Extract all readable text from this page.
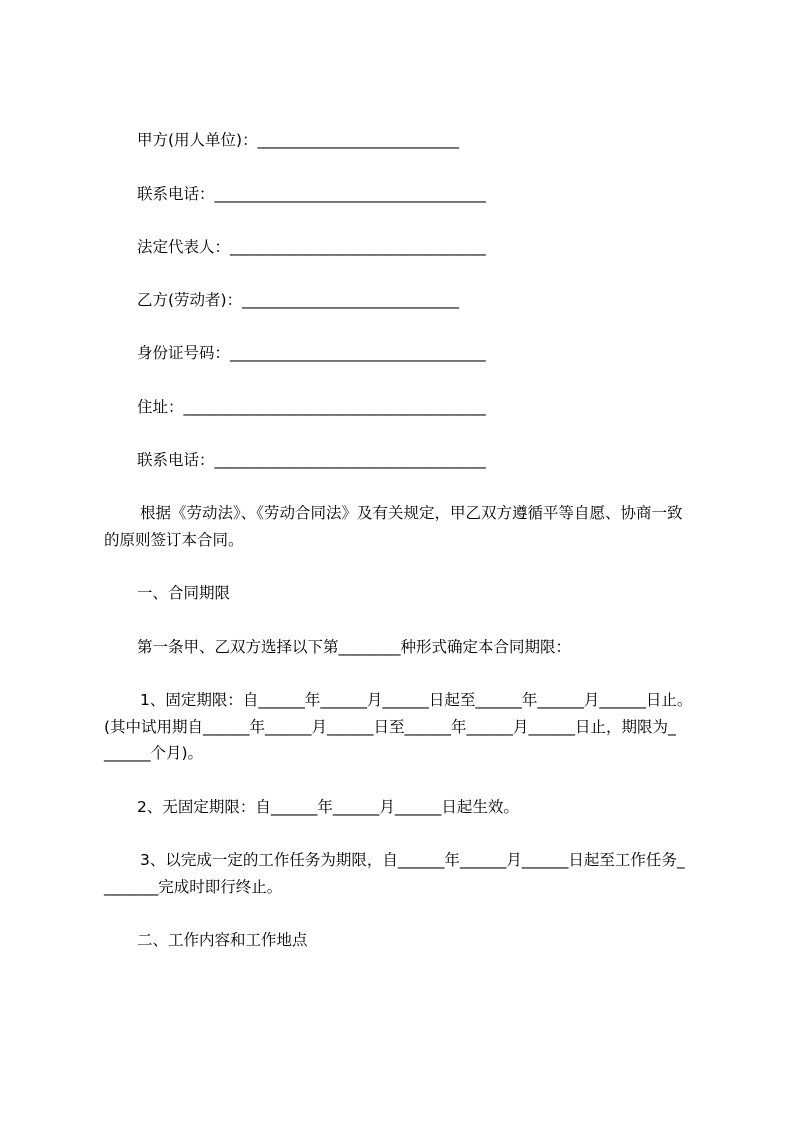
甲方(用人单位)：__________________________

联系电话：___________________________________

法定代表人：_________________________________

乙方(劳动者)：____________________________

身份证号码：_________________________________

住址：_______________________________________

联系电话：___________________________________

根据《劳动法》、《劳动合同法》及有关规定，甲乙双方遵循平等自愿、协商一致

的原则签订本合同。

一、合同期限

第一条甲、乙双方选择以下第________种形式确定本合同期限：

1、固定期限：自______年______月______日起至______年______月______日止。

(其中试用期自______年______月______日至______年______月______日止，期限为_

______个月)。

2、无固定期限：自______年______月______日起生效。

3、以完成一定的工作任务为期限，自______年______月______日起至工作任务_

_______完成时即行终止。

二、工作内容和工作地点
